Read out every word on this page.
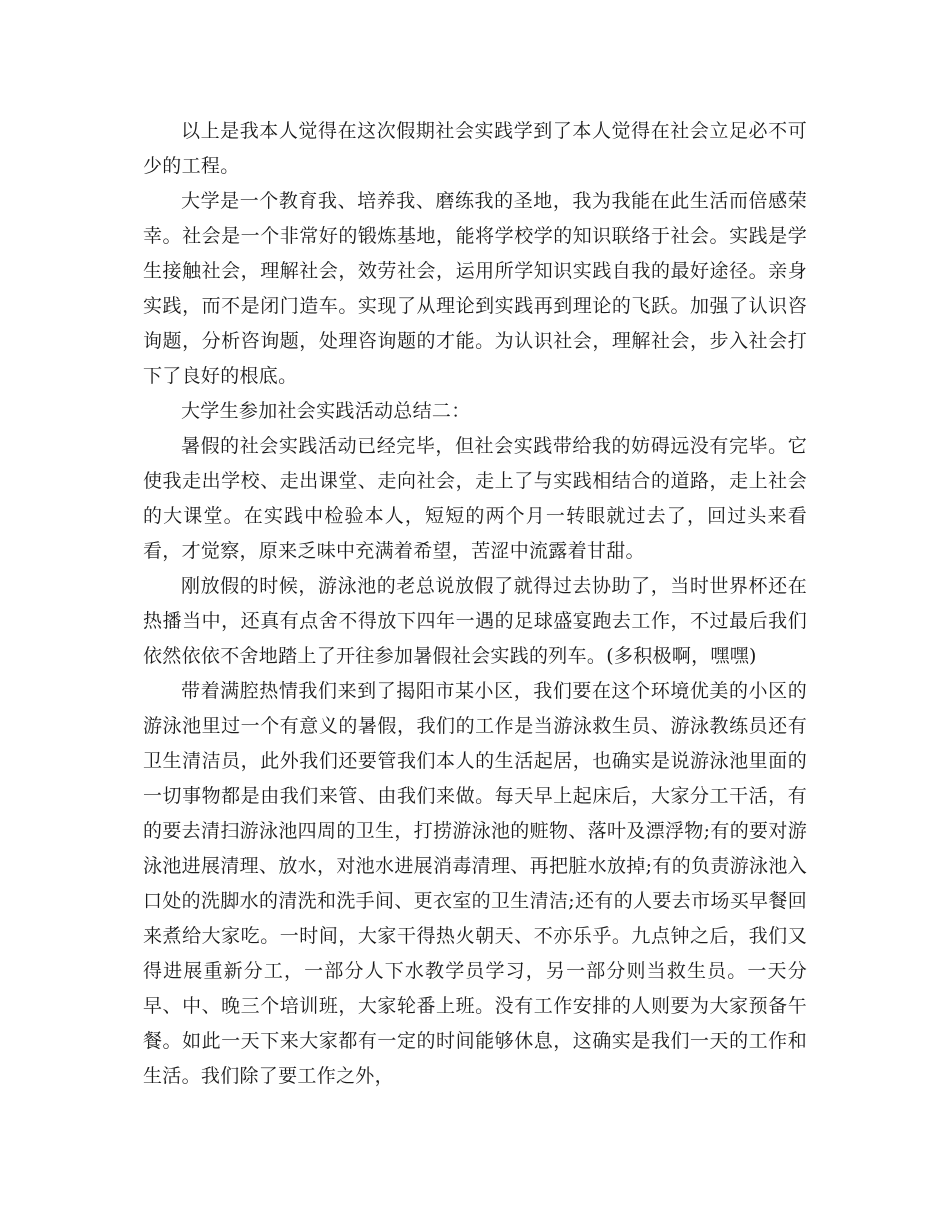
以上是我本人觉得在这次假期社会实践学到了本人觉得在社会立足必不可少的工程。

大学是一个教育我、培养我、磨练我的圣地，我为我能在此生活而倍感荣幸。社会是一个非常好的锻炼基地，能将学校学的知识联络于社会。实践是学生接触社会，理解社会，效劳社会，运用所学知识实践自我的最好途径。亲身实践，而不是闭门造车。实现了从理论到实践再到理论的飞跃。加强了认识咨询题，分析咨询题，处理咨询题的才能。为认识社会，理解社会，步入社会打下了良好的根底。

大学生参加社会实践活动总结二：

暑假的社会实践活动已经完毕，但社会实践带给我的妨碍远没有完毕。它使我走出学校、走出课堂、走向社会，走上了与实践相结合的道路，走上社会的大课堂。在实践中检验本人，短短的两个月一转眼就过去了，回过头来看看，才觉察，原来乏味中充满着希望，苦涩中流露着甘甜。

刚放假的时候，游泳池的老总说放假了就得过去协助了，当时世界杯还在热播当中，还真有点舍不得放下四年一遇的足球盛宴跑去工作，不过最后我们依然依依不舍地踏上了开往参加暑假社会实践的列车。(多积极啊，嘿嘿)

带着满腔热情我们来到了揭阳市某小区，我们要在这个环境优美的小区的游泳池里过一个有意义的暑假，我们的工作是当游泳救生员、游泳教练员还有卫生清洁员，此外我们还要管我们本人的生活起居，也确实是说游泳池里面的一切事物都是由我们来管、由我们来做。每天早上起床后，大家分工干活，有的要去清扫游泳池四周的卫生，打捞游泳池的赃物、落叶及漂浮物;有的要对游泳池进展清理、放水，对池水进展消毒清理、再把脏水放掉;有的负责游泳池入口处的洗脚水的清洗和洗手间、更衣室的卫生清洁;还有的人要去市场买早餐回来煮给大家吃。一时间，大家干得热火朝天、不亦乐乎。九点钟之后，我们又得进展重新分工，一部分人下水教学员学习，另一部分则当救生员。一天分早、中、晚三个培训班，大家轮番上班。没有工作安排的人则要为大家预备午餐。如此一天下来大家都有一定的时间能够休息，这确实是我们一天的工作和生活。我们除了要工作之外，
